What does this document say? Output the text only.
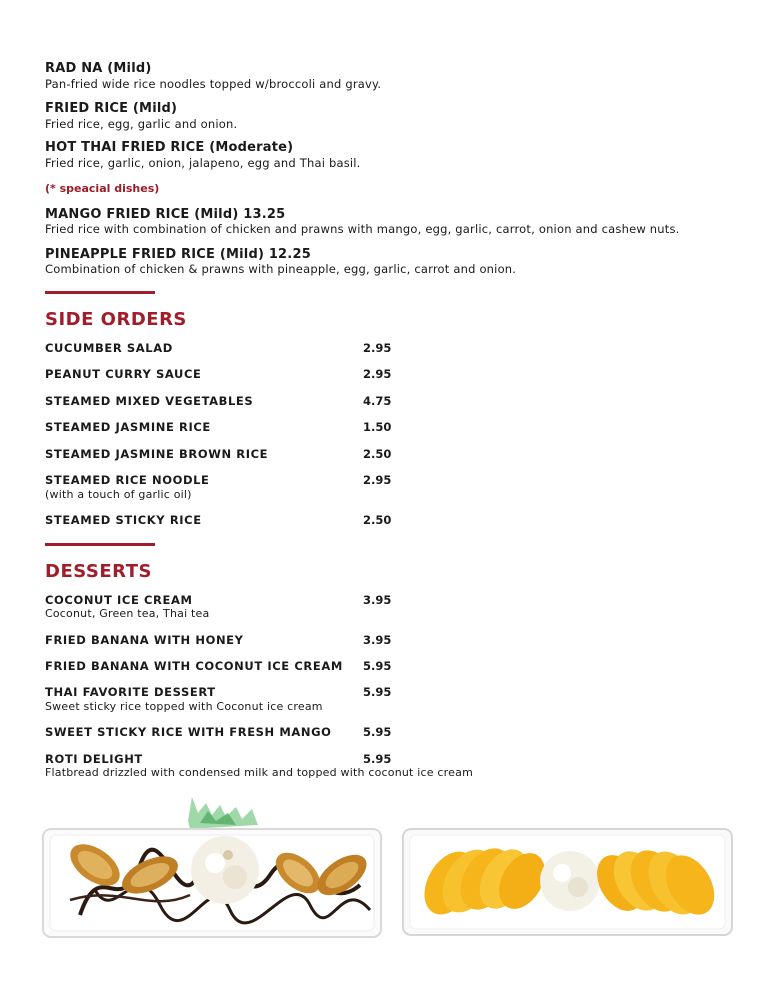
RAD NA (Mild)
Pan-fried wide rice noodles topped w/broccoli and gravy.
FRIED RICE (Mild)
Fried rice, egg, garlic and onion.
HOT THAI FRIED RICE (Moderate)
Fried rice, garlic, onion, jalapeno, egg and Thai basil.
(* speacial dishes)
MANGO FRIED RICE (Mild) 13.25
Fried rice with combination of chicken and prawns with mango, egg, garlic, carrot, onion and cashew nuts.
PINEAPPLE FRIED RICE (Mild) 12.25
Combination of chicken & prawns with pineapple, egg, garlic, carrot and onion.
SIDE ORDERS
CUCUMBER SALAD	2.95
PEANUT CURRY SAUCE	2.95
STEAMED MIXED VEGETABLES	4.75
STEAMED JASMINE RICE	1.50
STEAMED JASMINE BROWN RICE	2.50
STEAMED RICE NOODLE	2.95
(with a touch of garlic oil)
STEAMED STICKY RICE	2.50
DESSERTS
COCONUT ICE CREAM	3.95
Coconut, Green tea, Thai tea
FRIED BANANA WITH HONEY	3.95
FRIED BANANA WITH COCONUT ICE CREAM 5.95
THAI FAVORITE DESSERT	5.95
Sweet sticky rice topped with Coconut ice cream
SWEET STICKY RICE WITH FRESH MANGO	5.95
ROTI DELIGHT	5.95
Flatbread drizzled with condensed milk and topped with coconut ice cream
